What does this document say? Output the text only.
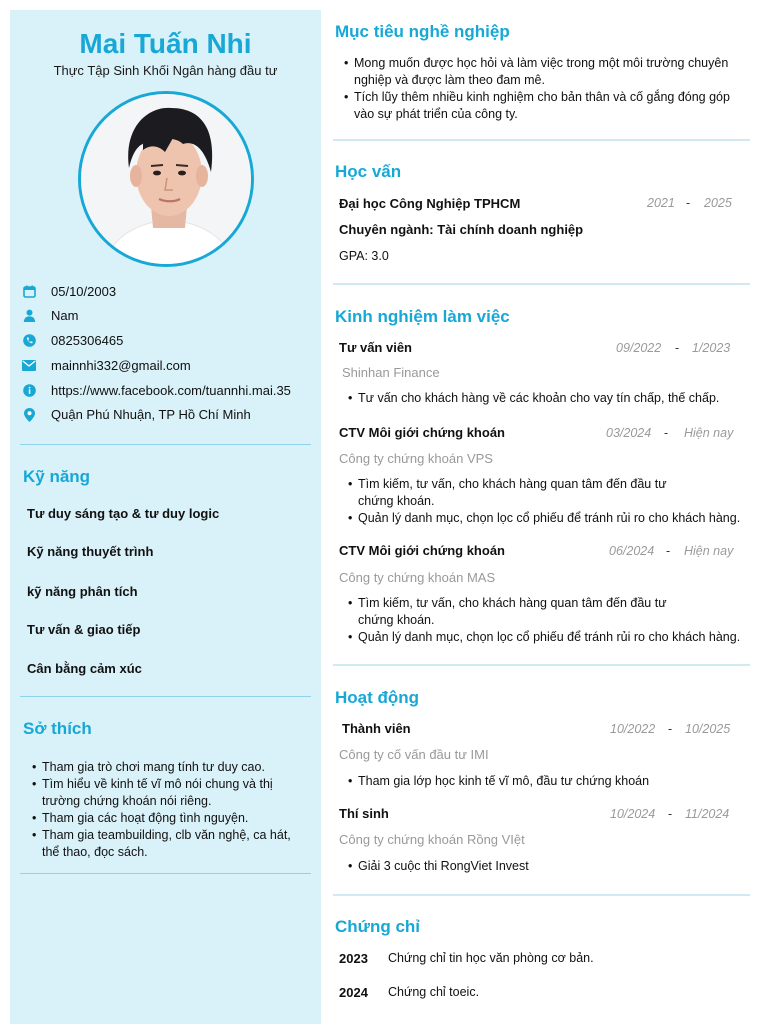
Mai Tuấn Nhi
Thực Tập Sinh Khối Ngân hàng đầu tư
05/10/2003
Nam
0825306465
mainnhi332@gmail.com
https://www.facebook.com/tuannhi.mai.35
Quận Phú Nhuận, TP Hồ Chí Minh
Kỹ năng
Tư duy sáng tạo & tư duy logic
Kỹ năng thuyết trình
kỹ năng phân tích
Tư vấn & giao tiếp
Cân bằng cảm xúc
Sở thích
• Tham gia trò chơi mang tính tư duy cao.
• Tìm hiểu về kinh tế vĩ mô nói chung và thị trường chứng khoán nói riêng.
• Tham gia các hoạt động tình nguyện.
• Tham gia teambuilding, clb văn nghệ, ca hát, thể thao, đọc sách.
Mục tiêu nghề nghiệp
• Mong muốn được học hỏi và làm việc trong một môi trường chuyên nghiệp và được làm theo đam mê.
• Tích lũy thêm nhiều kinh nghiệm cho bản thân và cố gắng đóng góp vào sự phát triển của công ty.
Học vấn
Đại học Công Nghiệp TPHCM	2021 - 2025
Chuyên ngành: Tài chính doanh nghiệp
GPA: 3.0
Kinh nghiệm làm việc
Tư vấn viên	09/2022 - 1/2023
Shinhan Finance
• Tư vấn cho khách hàng về các khoản cho vay tín chấp, thế chấp.
CTV Môi giới chứng khoán	03/2024 - Hiện nay
Công ty chứng khoán VPS
• Tìm kiếm, tư vấn, cho khách hàng quan tâm đến đầu tư chứng khoán.
• Quản lý danh mục, chọn lọc cổ phiếu để tránh rủi ro cho khách hàng.
CTV Môi giới chứng khoán	06/2024 - Hiện nay
Công ty chứng khoán MAS
• Tìm kiếm, tư vấn, cho khách hàng quan tâm đến đầu tư chứng khoán.
• Quản lý danh mục, chọn lọc cổ phiếu để tránh rủi ro cho khách hàng.
Hoạt động
Thành viên	10/2022 - 10/2025
Công ty cố vấn đầu tư IMI
• Tham gia lớp học kinh tế vĩ mô, đầu tư chứng khoán
Thí sinh	10/2024 - 11/2024
Công ty chứng khoán Rồng VIệt
• Giải 3 cuộc thi RongViet Invest
Chứng chỉ
2023 Chứng chỉ tin học văn phòng cơ bản.
2024 Chứng chỉ toeic.
